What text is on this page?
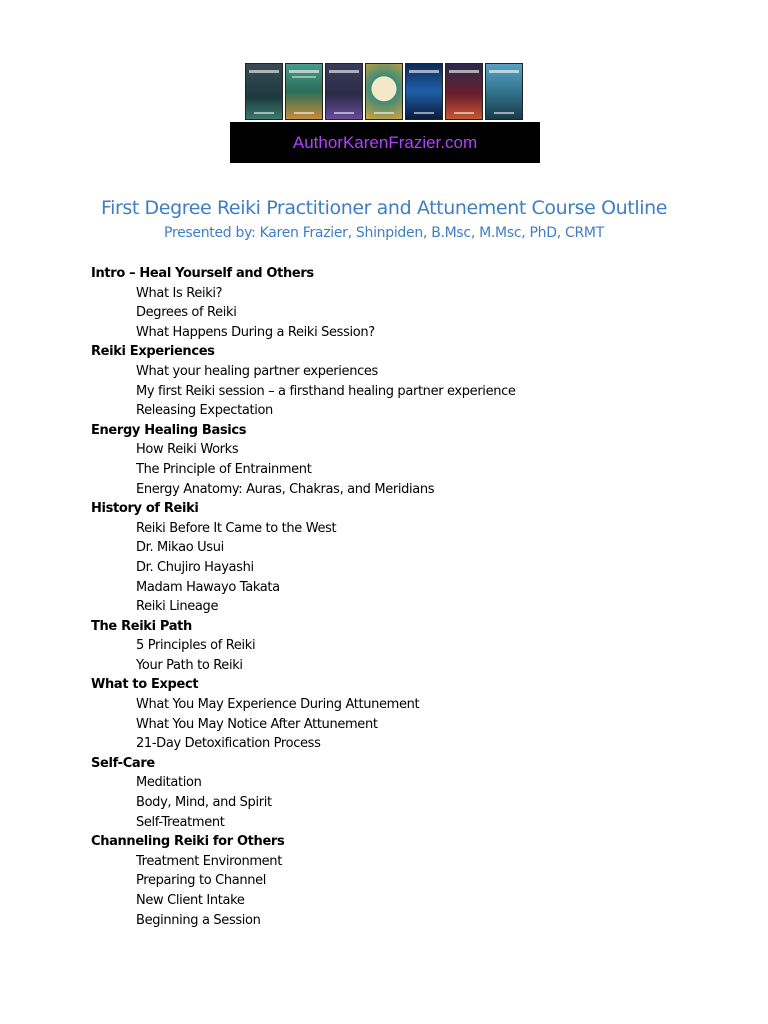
AuthorKarenFrazier.com
First Degree Reiki Practitioner and Attunement Course Outline
Presented by: Karen Frazier, Shinpiden, B.Msc, M.Msc, PhD, CRMT
Intro – Heal Yourself and Others
What Is Reiki?
Degrees of Reiki
What Happens During a Reiki Session?
Reiki Experiences
What your healing partner experiences
My first Reiki session – a firsthand healing partner experience
Releasing Expectation
Energy Healing Basics
How Reiki Works
The Principle of Entrainment
Energy Anatomy: Auras, Chakras, and Meridians
History of Reiki
Reiki Before It Came to the West
Dr. Mikao Usui
Dr. Chujiro Hayashi
Madam Hawayo Takata
Reiki Lineage
The Reiki Path
5 Principles of Reiki
Your Path to Reiki
What to Expect
What You May Experience During Attunement
What You May Notice After Attunement
21-Day Detoxification Process
Self-Care
Meditation
Body, Mind, and Spirit
Self-Treatment
Channeling Reiki for Others
Treatment Environment
Preparing to Channel
New Client Intake
Beginning a Session
